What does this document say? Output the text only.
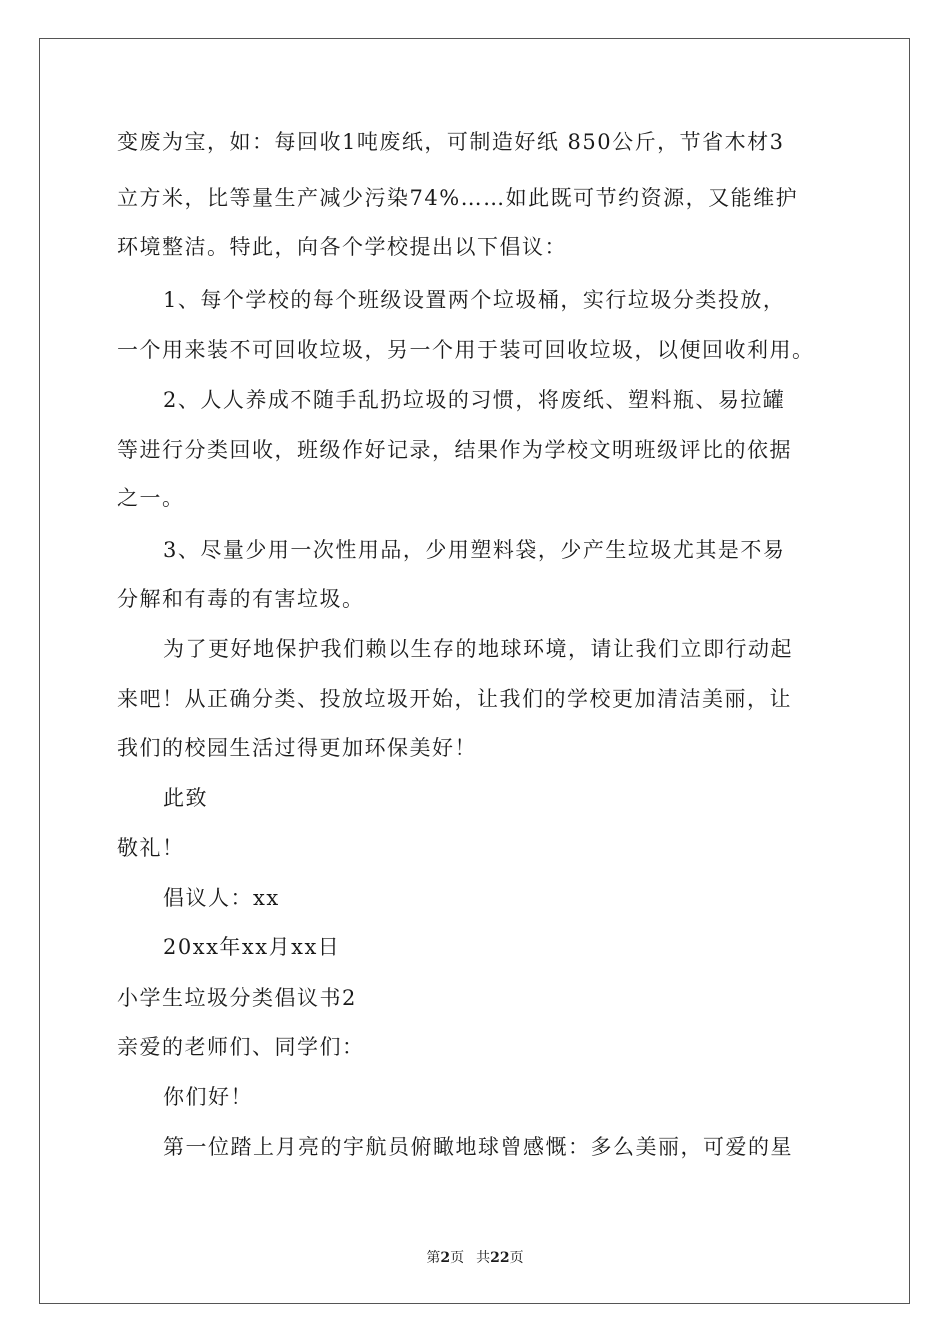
变废为宝，如：每回收1吨废纸，可制造好纸 850公斤，节省木材3
立方米，比等量生产减少污染74%……如此既可节约资源，又能维护
环境整洁。特此，向各个学校提出以下倡议：
1、每个学校的每个班级设置两个垃圾桶，实行垃圾分类投放，
一个用来装不可回收垃圾，另一个用于装可回收垃圾，以便回收利用。
2、人人养成不随手乱扔垃圾的习惯，将废纸、塑料瓶、易拉罐
等进行分类回收，班级作好记录，结果作为学校文明班级评比的依据
之一。
3、尽量少用一次性用品，少用塑料袋，少产生垃圾尤其是不易
分解和有毒的有害垃圾。
为了更好地保护我们赖以生存的地球环境，请让我们立即行动起
来吧！从正确分类、投放垃圾开始，让我们的学校更加清洁美丽，让
我们的校园生活过得更加环保美好！
此致
敬礼！
倡议人：xx
20xx年xx月xx日
小学生垃圾分类倡议书2
亲爱的老师们、同学们：
你们好！
第一位踏上月亮的宇航员俯瞰地球曾感慨：多么美丽，可爱的星
第2页 共22页
